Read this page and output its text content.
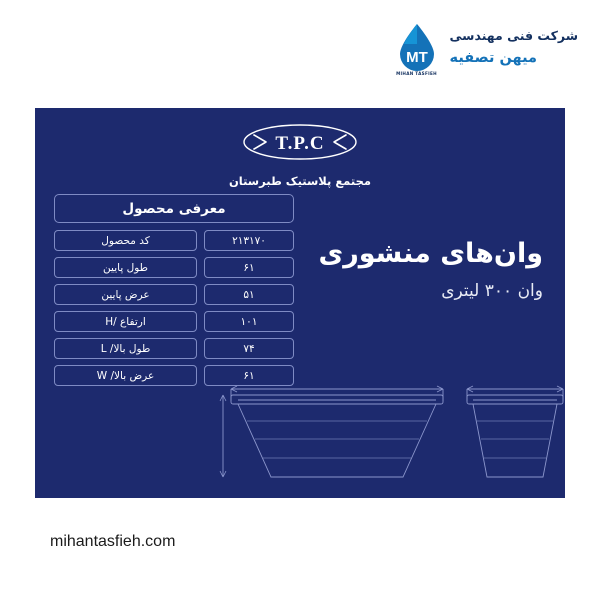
شرکت فنی مهندسی
میهن تصفیه
MT
MIHAN TASFIEH
T.P.C
مجتمع پلاستیک طبرستان
وان‌های منشوری
وان ۳۰۰ لیتری
معرفی محصول
۲۱۳۱۷۰
کد محصول
۶۱
طول پایین
۵۱
عرض پایین
۱۰۱
ارتفاع /H
۷۴
طول بالا/ L
۶۱
عرض بالا/ W
mihantasfieh.com
